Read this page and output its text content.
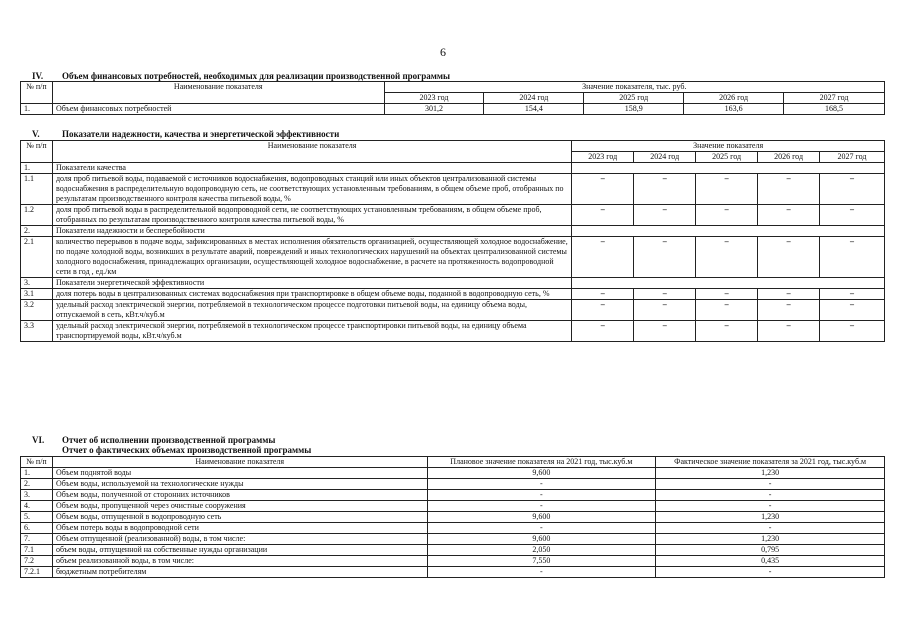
6
IV. Объем финансовых потребностей, необходимых для реализации производственной программы
№ п/п	Наименование показателя	Значение показателя, тыс. руб.				
		2023 год	2024 год	2025 год	2026 год	2027 год
1.	Объем финансовых потребностей	301,2	154,4	158,9	163,6	168,5
V. Показатели надежности, качества и энергетической эффективности
№ п/п	Наименование показателя	Значение показателя				
		2023 год	2024 год	2025 год	2026 год	2027 год
1.	Показатели качества					
1.1	доля проб питьевой воды, подаваемой с источников водоснабжения, водопроводных станций или иных объектов централизованной системы водоснабжения в распределительную водопроводную сеть, не соответствующих установленным требованиям, в общем объеме проб, отобранных по результатам производственного контроля качества питьевой воды, %	–	–	–	–	–
1.2	доля проб питьевой воды в распределительной водопроводной сети, не соответствующих установленным требованиям, в общем объеме проб, отобранных по результатам производственного контроля качества питьевой воды, %	–	–	–	–	–
2.	Показатели надежности и бесперебойности					
2.1	количество перерывов в подаче воды, зафиксированных в местах исполнения обязательств организацией, осуществляющей холодное водоснабжение, по подаче холодной воды, возникших в результате аварий, повреждений и иных технологических нарушений на объектах централизованной системы холодного водоснабжения, принадлежащих организации, осуществляющей холодное водоснабжение, в расчете на протяженность водопроводной сети в год , ед./км	–	–	–	–	–
3.	Показатели энергетической эффективности					
3.1	доля потерь воды в централизованных системах водоснабжения при транспортировке в общем объеме воды, поданной в водопроводную сеть, %	–	–	–	–	–
3.2	удельный расход электрической энергии, потребляемой в технологическом процессе подготовки питьевой воды, на единицу объема воды, отпускаемой в сеть, кВт.ч/куб.м	–	–	–	–	–
3.3	удельный расход электрической энергии, потребляемой в технологическом процессе транспортировки питьевой воды, на единицу объема транспортируемой воды, кВт.ч/куб.м	–	–	–	–	–
VI. Отчет об исполнении производственной программы
Отчет о фактических объемах производственной программы
№ п/п	Наименование показателя	Плановое значение показателя на 2021 год, тыс.куб.м	Фактическое значение показателя за 2021 год, тыс.куб.м
1.	Объем поднятой воды	9,600	1,230
2.	Объем воды, используемой на технологические нужды	-	-
3.	Объем воды, полученной от сторонних источников	-	-
4.	Объем воды, пропущенной через очистные сооружения	-	-
5.	Объем воды, отпущенной в водопроводную сеть	9,600	1,230
6.	Объем потерь воды в водопроводной сети	-	-
7.	Объем отпущенной (реализованной) воды, в том числе:	9,600	1,230
7.1	объем воды, отпущенной на собственные нужды организации	2,050	0,795
7.2	объем реализованной воды, в том числе:	7,550	0,435
7.2.1	бюджетным потребителям	-	-
